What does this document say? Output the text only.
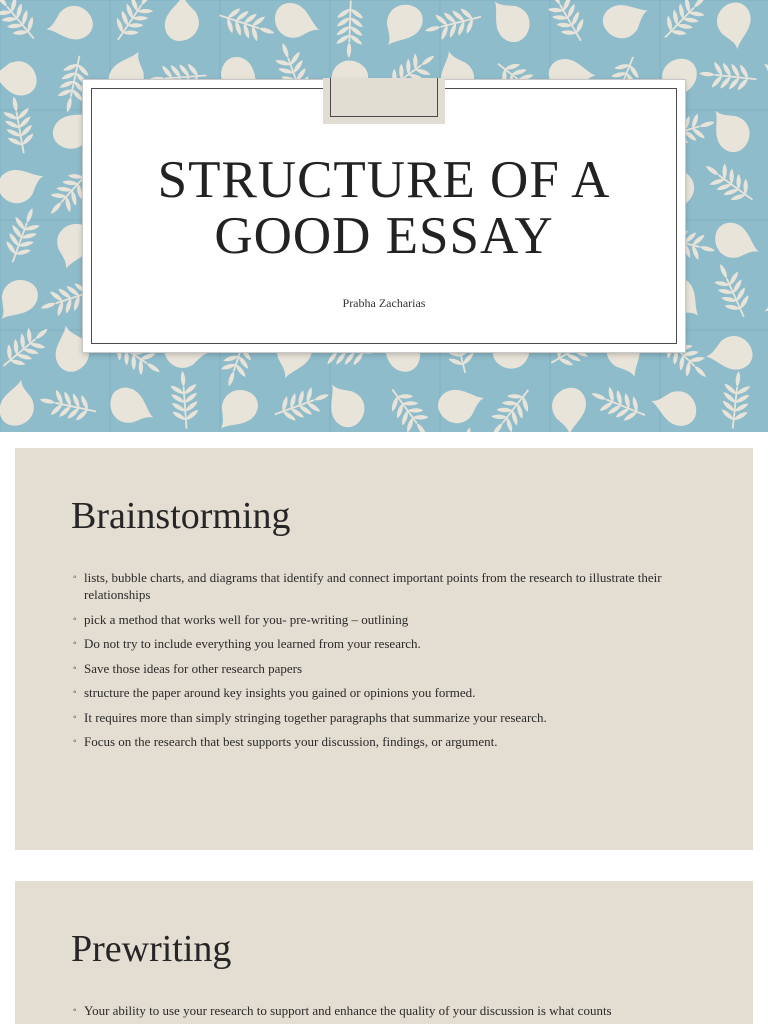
STRUCTURE OF A
GOOD ESSAY
Prabha Zacharias
Brainstorming
◦ lists, bubble charts, and diagrams that identify and connect important points from the research to illustrate their relationships
◦ pick a method that works well for you- pre-writing – outlining
◦ Do not try to include everything you learned from your research.
◦ Save those ideas for other research papers
◦ structure the paper around key insights you gained or opinions you formed.
◦ It requires more than simply stringing together paragraphs that summarize your research.
◦ Focus on the research that best supports your discussion, findings, or argument.
Prewriting
◦ Your ability to use your research to support and enhance the quality of your discussion is what counts
